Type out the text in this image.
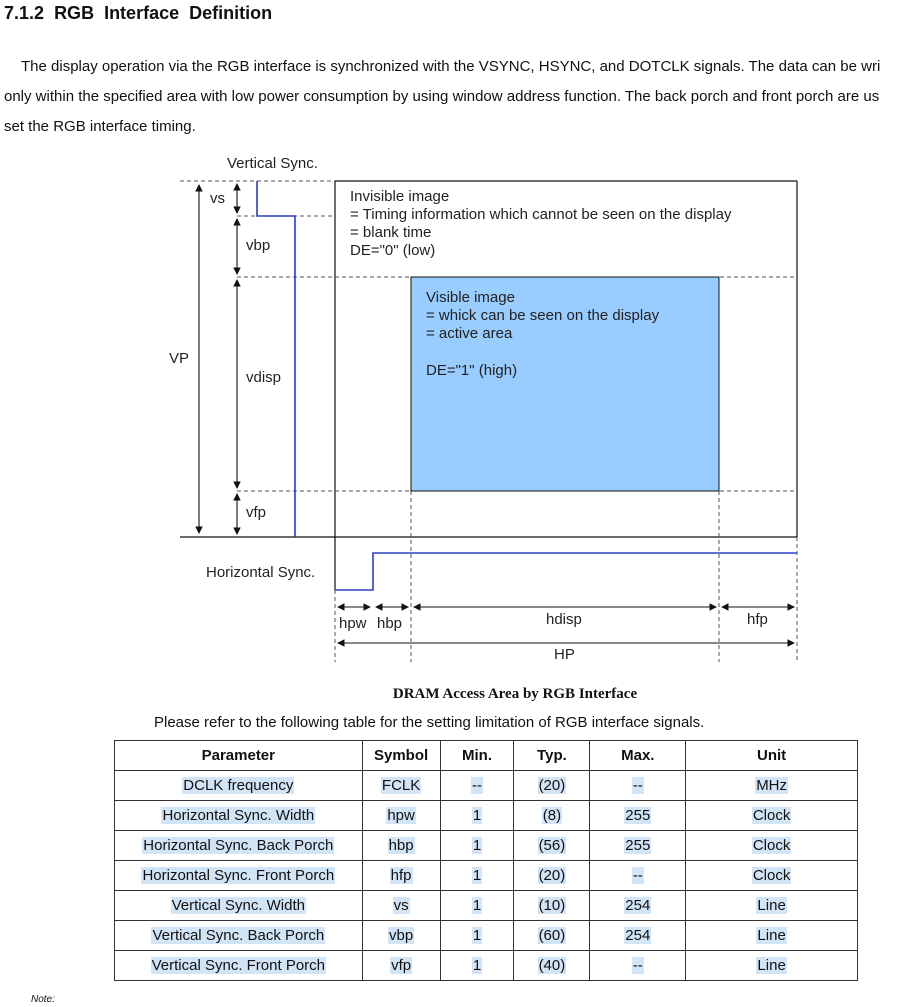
7.1.2 RGB  Interface  Definition
The display operation via the RGB interface is synchronized with the VSYNC, HSYNC, and DOTCLK signals. The data can be wri
only within the specified area with low power consumption by using window address function. The back porch and front porch are us
set the RGB interface timing.
Vertical Sync.
VP
vs
vbp
vdisp
vfp
Horizontal Sync.
hpw hbp	hdisp	hfp
HP
Invisible image
= Timing information which cannot be seen on the display
= blank time
DE="0" (low)
Visible image
= whick can be seen on the display
= active area
DE="1" (high)
DRAM Access Area by RGB Interface
Please refer to the following table for the setting limitation of RGB interface signals.
Parameter	Symbol	Min.	Typ.	Max.	Unit
DCLK frequency	FCLK	--	(20)	--	MHz
Horizontal Sync. Width	hpw	1	(8)	255	Clock
Horizontal Sync. Back Porch	hbp	1	(56)	255	Clock
Horizontal Sync. Front Porch	hfp	1	(20)	--	Clock
Vertical Sync. Width	vs	1	(10)	254	Line
Vertical Sync. Back Porch	vbp	1	(60)	254	Line
Vertical Sync. Front Porch	vfp	1	(40)	--	Line
Note:
